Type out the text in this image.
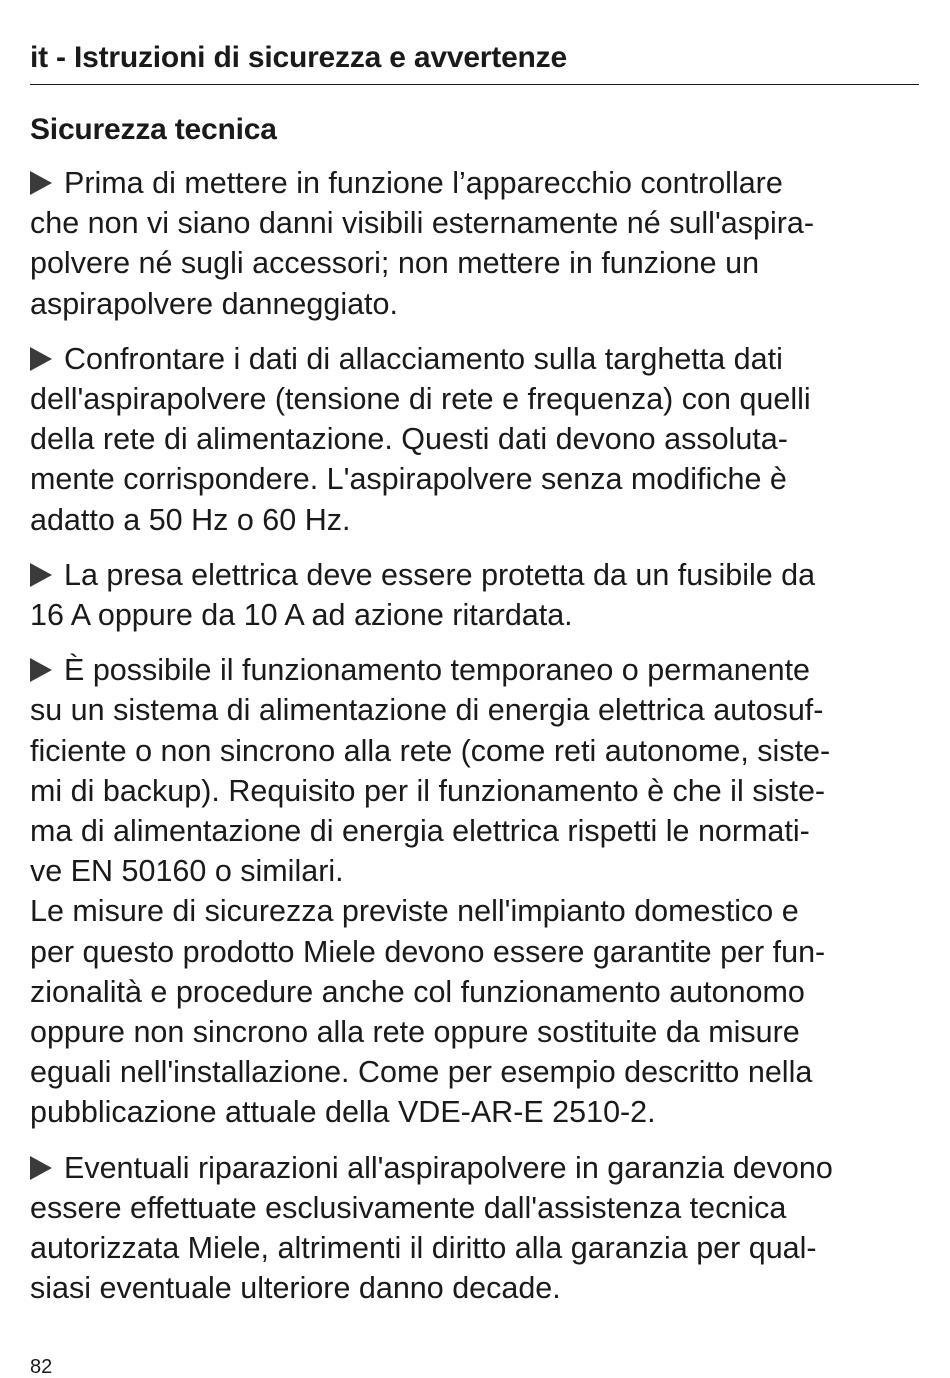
it - Istruzioni di sicurezza e avvertenze
Sicurezza tecnica

Prima di mettere in funzione l’apparecchio controllare
che non vi siano danni visibili esternamente né sull'aspira-
polvere né sugli accessori; non mettere in funzione un
aspirapolvere danneggiato.

Confrontare i dati di allacciamento sulla targhetta dati
dell'aspirapolvere (tensione di rete e frequenza) con quelli
della rete di alimentazione. Questi dati devono assoluta-
mente corrispondere. L'aspirapolvere senza modifiche è
adatto a 50 Hz o 60 Hz.

La presa elettrica deve essere protetta da un fusibile da
16 A oppure da 10 A ad azione ritardata.

È possibile il funzionamento temporaneo o permanente
su un sistema di alimentazione di energia elettrica autosuf-
ficiente o non sincrono alla rete (come reti autonome, siste-
mi di backup). Requisito per il funzionamento è che il siste-
ma di alimentazione di energia elettrica rispetti le normati-
ve EN 50160 o similari.
Le misure di sicurezza previste nell'impianto domestico e
per questo prodotto Miele devono essere garantite per fun-
zionalità e procedure anche col funzionamento autonomo
oppure non sincrono alla rete oppure sostituite da misure
eguali nell'installazione. Come per esempio descritto nella
pubblicazione attuale della VDE-AR-E 2510-2.

Eventuali riparazioni all'aspirapolvere in garanzia devono
essere effettuate esclusivamente dall'assistenza tecnica
autorizzata Miele, altrimenti il diritto alla garanzia per qual-
siasi eventuale ulteriore danno decade.

82
